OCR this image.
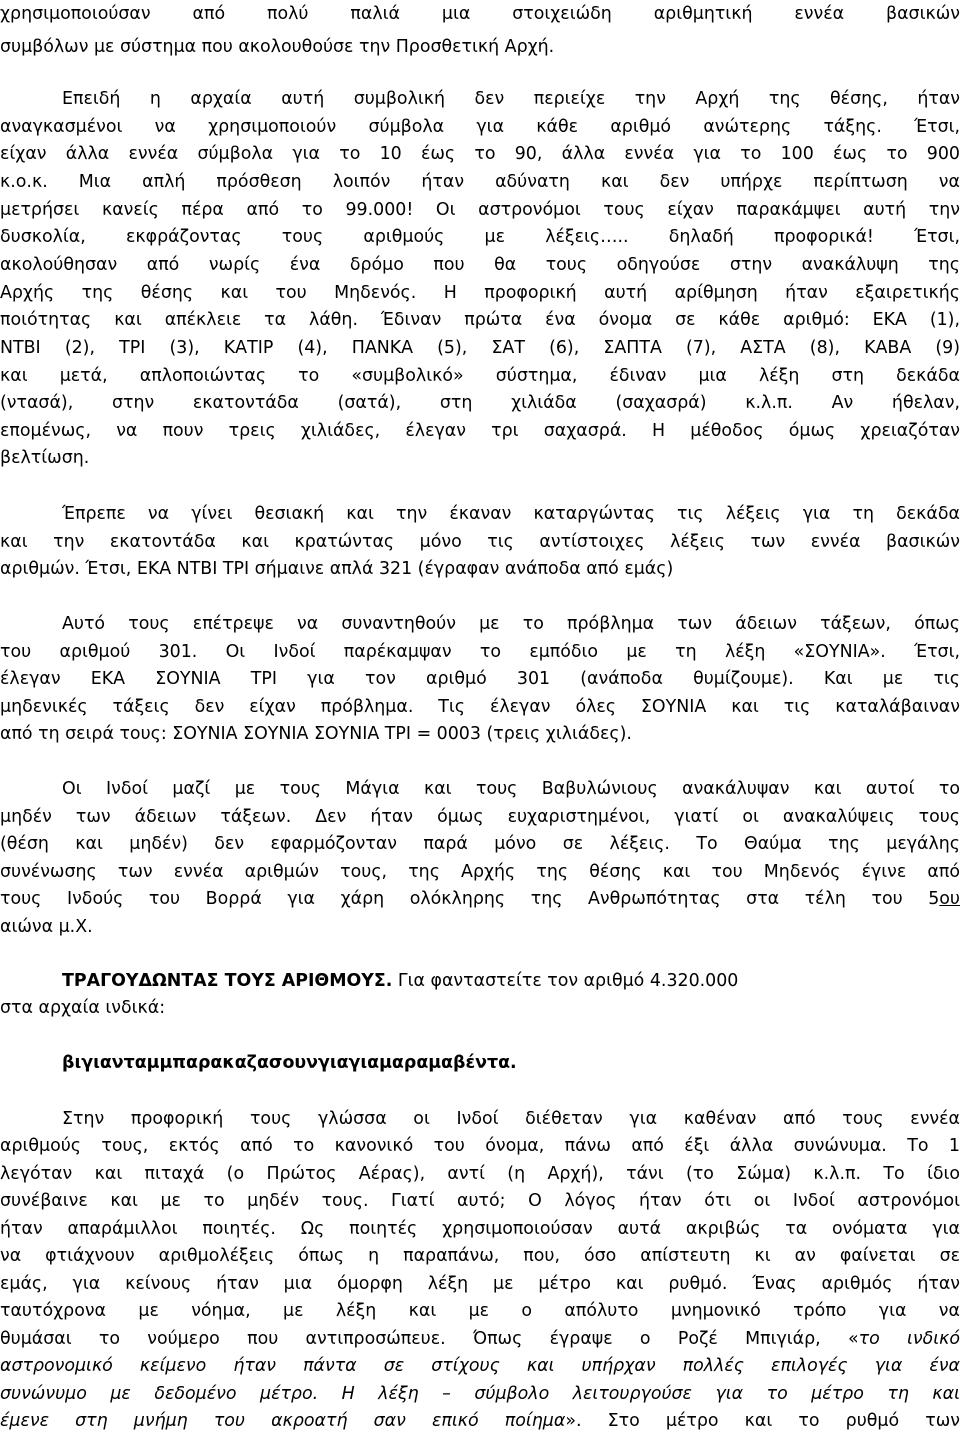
χρησιμοποιούσαν από πολύ παλιά μια στοιχειώδη αριθμητική εννέα βασικών
συμβόλων με σύστημα που ακολουθούσε την Προσθετική Αρχή.
Επειδή η αρχαία αυτή συμβολική δεν περιείχε την Αρχή της θέσης, ήταν
αναγκασμένοι να χρησιμοποιούν σύμβολα για κάθε αριθμό ανώτερης τάξης. Έτσι,
είχαν άλλα εννέα σύμβολα για το 10 έως το 90, άλλα εννέα για το 100 έως το 900
κ.ο.κ. Μια απλή πρόσθεση λοιπόν ήταν αδύνατη και δεν υπήρχε περίπτωση να
μετρήσει κανείς πέρα από το 99.000! Οι αστρονόμοι τους είχαν παρακάμψει αυτή την
δυσκολία, εκφράζοντας τους αριθμούς με λέξεις….. δηλαδή προφορικά! Έτσι,
ακολούθησαν από νωρίς ένα δρόμο που θα τους οδηγούσε στην ανακάλυψη της
Αρχής της θέσης και του Μηδενός. Η προφορική αυτή αρίθμηση ήταν εξαιρετικής
ποιότητας και απέκλειε τα λάθη. Έδιναν πρώτα ένα όνομα σε κάθε αριθμό: ΕΚΑ (1),
ΝΤΒΙ (2), ΤΡΙ (3), ΚΑΤΙΡ (4), ΠΑΝΚΑ (5), ΣΑΤ (6), ΣΑΠΤΑ (7), ΑΣΤΑ (8), ΚΑΒΑ (9)
και μετά, απλοποιώντας το «συμβολικό» σύστημα, έδιναν μια λέξη στη δεκάδα
(ντασά), στην εκατοντάδα (σατά), στη χιλιάδα (σαχασρά) κ.λ.π. Αν ήθελαν,
επομένως, να πουν τρεις χιλιάδες, έλεγαν τρι σαχασρά. Η μέθοδος όμως χρειαζόταν
βελτίωση.
Έπρεπε να γίνει θεσιακή και την έκαναν καταργώντας τις λέξεις για τη δεκάδα
και την εκατοντάδα και κρατώντας μόνο τις αντίστοιχες λέξεις των εννέα βασικών
αριθμών. Έτσι, ΕΚΑ ΝΤΒΙ ΤΡΙ σήμαινε απλά 321 (έγραφαν ανάποδα από εμάς)
Αυτό τους επέτρεψε να συναντηθούν με το πρόβλημα των άδειων τάξεων, όπως
του αριθμού 301. Οι Ινδοί παρέκαμψαν το εμπόδιο με τη λέξη «ΣΟΥΝΙΑ». Έτσι,
έλεγαν ΕΚΑ ΣΟΥΝΙΑ ΤΡΙ για τον αριθμό 301 (ανάποδα θυμίζουμε). Και με τις
μηδενικές τάξεις δεν είχαν πρόβλημα. Τις έλεγαν όλες ΣΟΥΝΙΑ και τις καταλάβαιναν
από τη σειρά τους: ΣΟΥΝΙΑ ΣΟΥΝΙΑ ΣΟΥΝΙΑ ΤΡΙ = 0003 (τρεις χιλιάδες).
Οι Ινδοί μαζί με τους Μάγια και τους Βαβυλώνιους ανακάλυψαν και αυτοί το
μηδέν των άδειων τάξεων. Δεν ήταν όμως ευχαριστημένοι, γιατί οι ανακαλύψεις τους
(θέση και μηδέν) δεν εφαρμόζονταν παρά μόνο σε λέξεις. Το Θαύμα της μεγάλης
συνένωσης των εννέα αριθμών τους, της Αρχής της θέσης και του Μηδενός έγινε από
τους Ινδούς του Βορρά για χάρη ολόκληρης της Ανθρωπότητας στα τέλη του 5ου
αιώνα μ.Χ.
ΤΡΑΓΟΥΔΩΝΤΑΣ ΤΟΥΣ ΑΡΙΘΜΟΥΣ. Για φανταστείτε τον αριθμό 4.320.000
στα αρχαία ινδικά:
βιγιανταμμπαρακαζασουνγιαγιαμαραμαβέντα.
Στην προφορική τους γλώσσα οι Ινδοί διέθεταν για καθέναν από τους εννέα
αριθμούς τους, εκτός από το κανονικό του όνομα, πάνω από έξι άλλα συνώνυμα. Το 1
λεγόταν και πιταχά (ο Πρώτος Αέρας), αντί (η Αρχή), τάνι (το Σώμα) κ.λ.π. Το ίδιο
συνέβαινε και με το μηδέν τους. Γιατί αυτό; Ο λόγος ήταν ότι οι Ινδοί αστρονόμοι
ήταν απαράμιλλοι ποιητές. Ως ποιητές χρησιμοποιούσαν αυτά ακριβώς τα ονόματα για
να φτιάχνουν αριθμολέξεις όπως η παραπάνω, που, όσο απίστευτη κι αν φαίνεται σε
εμάς, για κείνους ήταν μια όμορφη λέξη με μέτρο και ρυθμό. Ένας αριθμός ήταν
ταυτόχρονα με νόημα, με λέξη και με ο απόλυτο μνημονικό τρόπο για να
θυμάσαι το νούμερο που αντιπροσώπευε. Όπως έγραψε ο Ροζέ Μπιγιάρ, «το ινδικό
αστρονομικό κείμενο ήταν πάντα σε στίχους και υπήρχαν πολλές επιλογές για ένα
συνώνυμο με δεδομένο μέτρο. Η λέξη – σύμβολο λειτουργούσε για το μέτρο τη και
έμενε στη μνήμη του ακροατή σαν επικό ποίημα». Στο μέτρο και το ρυθμό των
